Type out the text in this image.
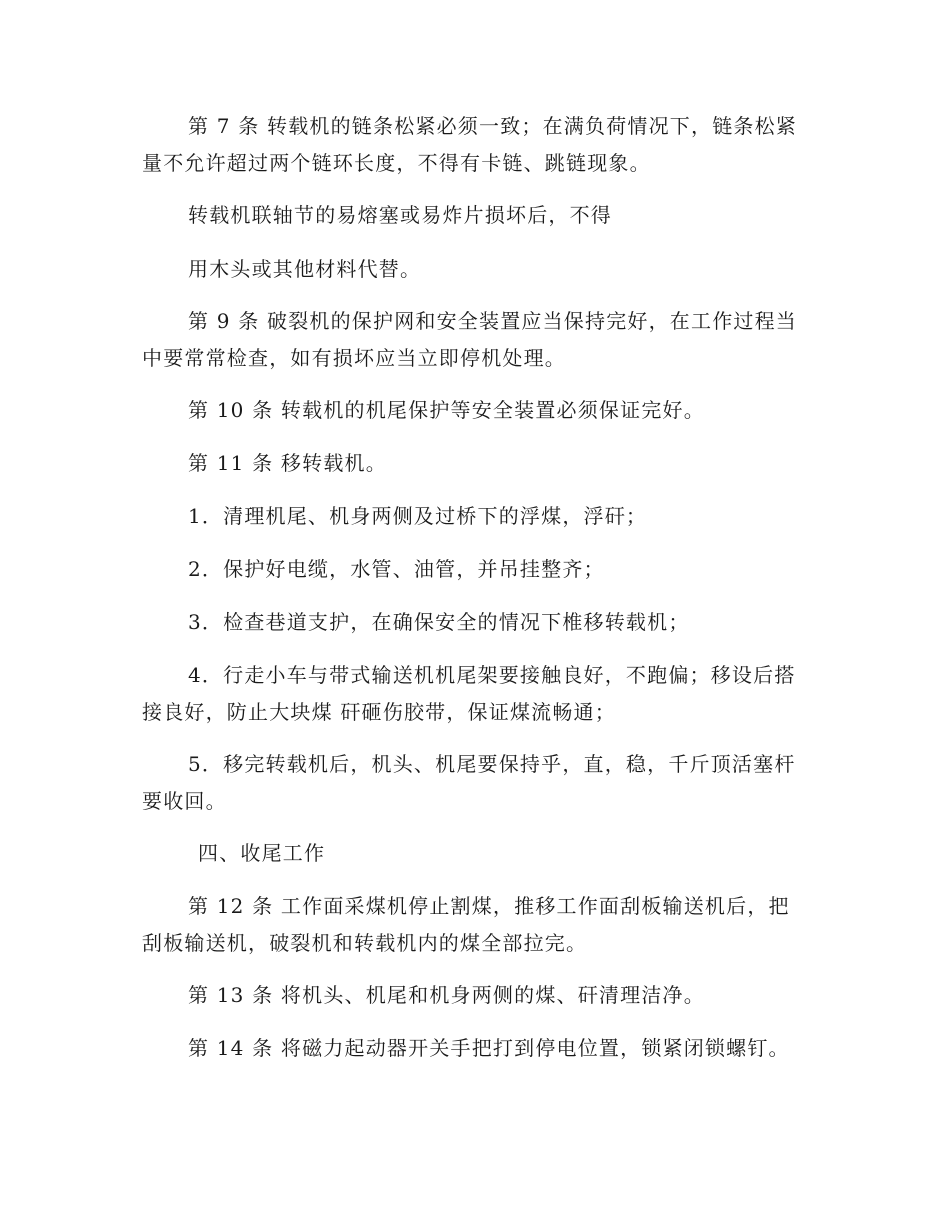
第 7 条 转载机的链条松紧必须一致；在满负荷情况下，链条松紧
量不允许超过两个链环长度，不得有卡链、跳链现象。

转载机联轴节的易熔塞或易炸片损坏后，不得

用木头或其他材料代替。

第 9 条 破裂机的保护网和安全装置应当保持完好，在工作过程当
中要常常检查，如有损坏应当立即停机处理。

第 10 条 转载机的机尾保护等安全装置必须保证完好。

第 11 条 移转载机。

1．清理机尾、机身两侧及过桥下的浮煤，浮矸；

2．保护好电缆，水管、油管，并吊挂整齐；

3．检查巷道支护，在确保安全的情况下椎移转载机；

4．行走小车与带式输送机机尾架要接触良好，不跑偏；移设后搭
接良好，防止大块煤 矸砸伤胶带，保证煤流畅通；

5．移完转载机后，机头、机尾要保持乎，直，稳，千斤顶活塞杆
要收回。

四、收尾工作

第 12 条 工作面采煤机停止割煤，推移工作面刮板输送机后，把
刮板输送机，破裂机和转载机内的煤全部拉完。

第 13 条 将机头、机尾和机身两侧的煤、矸清理洁净。

第 14 条 将磁力起动器开关手把打到停电位置，锁紧闭锁螺钉。
